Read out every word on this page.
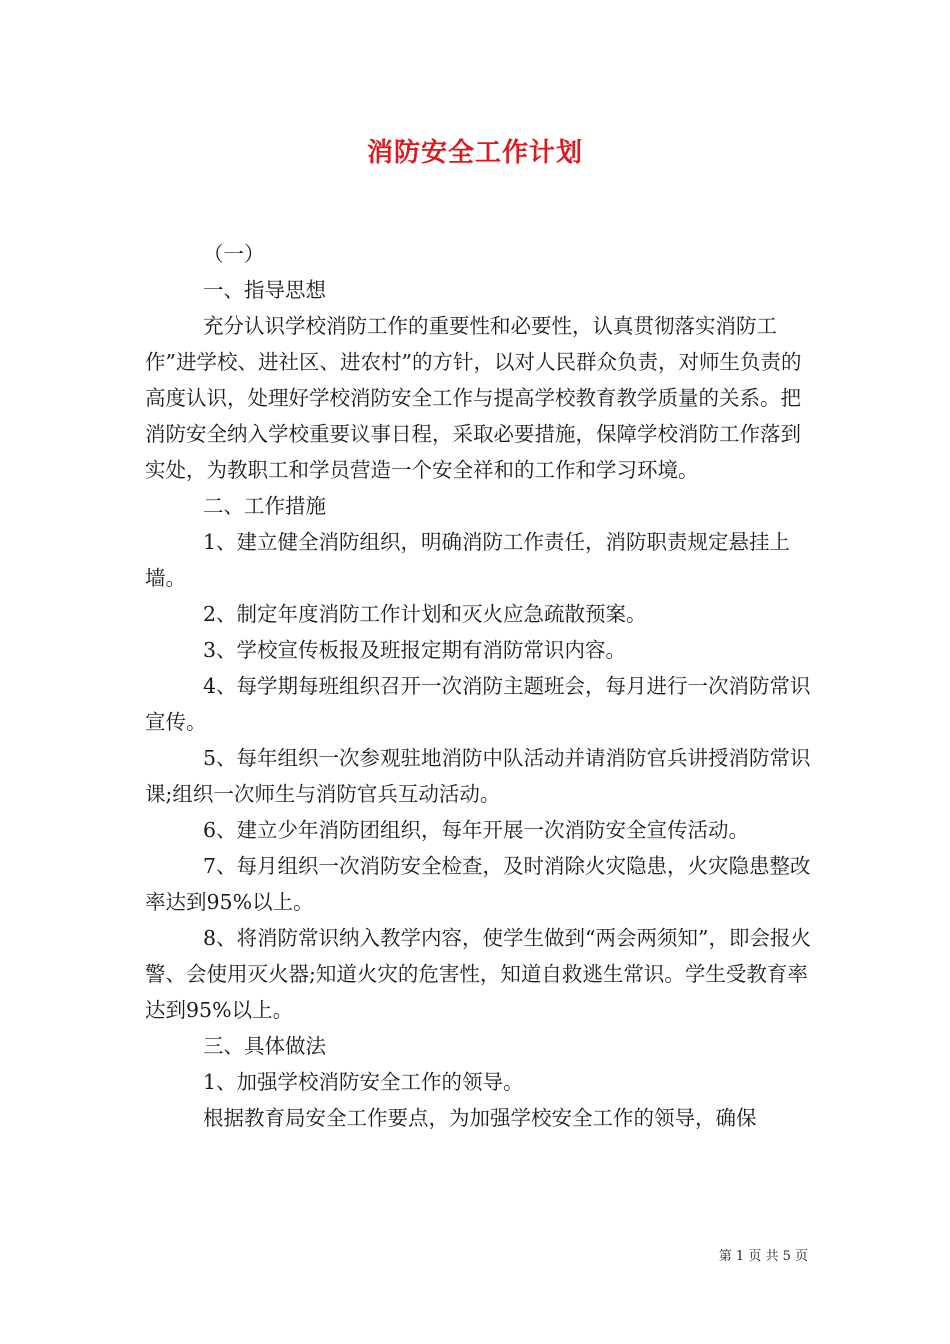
消防安全工作计划

（一）

一、指导思想

充分认识学校消防工作的重要性和必要性，认真贯彻落实消防工作”进学校、进社区、进农村”的方针，以对人民群众负责，对师生负责的高度认识，处理好学校消防安全工作与提高学校教育教学质量的关系。把消防安全纳入学校重要议事日程，采取必要措施，保障学校消防工作落到实处，为教职工和学员营造一个安全祥和的工作和学习环境。

二、工作措施

1、建立健全消防组织，明确消防工作责任，消防职责规定悬挂上墙。

2、制定年度消防工作计划和灭火应急疏散预案。

3、学校宣传板报及班报定期有消防常识内容。

4、每学期每班组织召开一次消防主题班会，每月进行一次消防常识宣传。

5、每年组织一次参观驻地消防中队活动并请消防官兵讲授消防常识课;组织一次师生与消防官兵互动活动。

6、建立少年消防团组织，每年开展一次消防安全宣传活动。

7、每月组织一次消防安全检查，及时消除火灾隐患，火灾隐患整改率达到95%以上。

8、将消防常识纳入教学内容，使学生做到“两会两须知”，即会报火警、会使用灭火器;知道火灾的危害性，知道自救逃生常识。学生受教育率达到95%以上。

三、具体做法

1、加强学校消防安全工作的领导。

根据教育局安全工作要点，为加强学校安全工作的领导，确保

第 1 页 共 5 页
